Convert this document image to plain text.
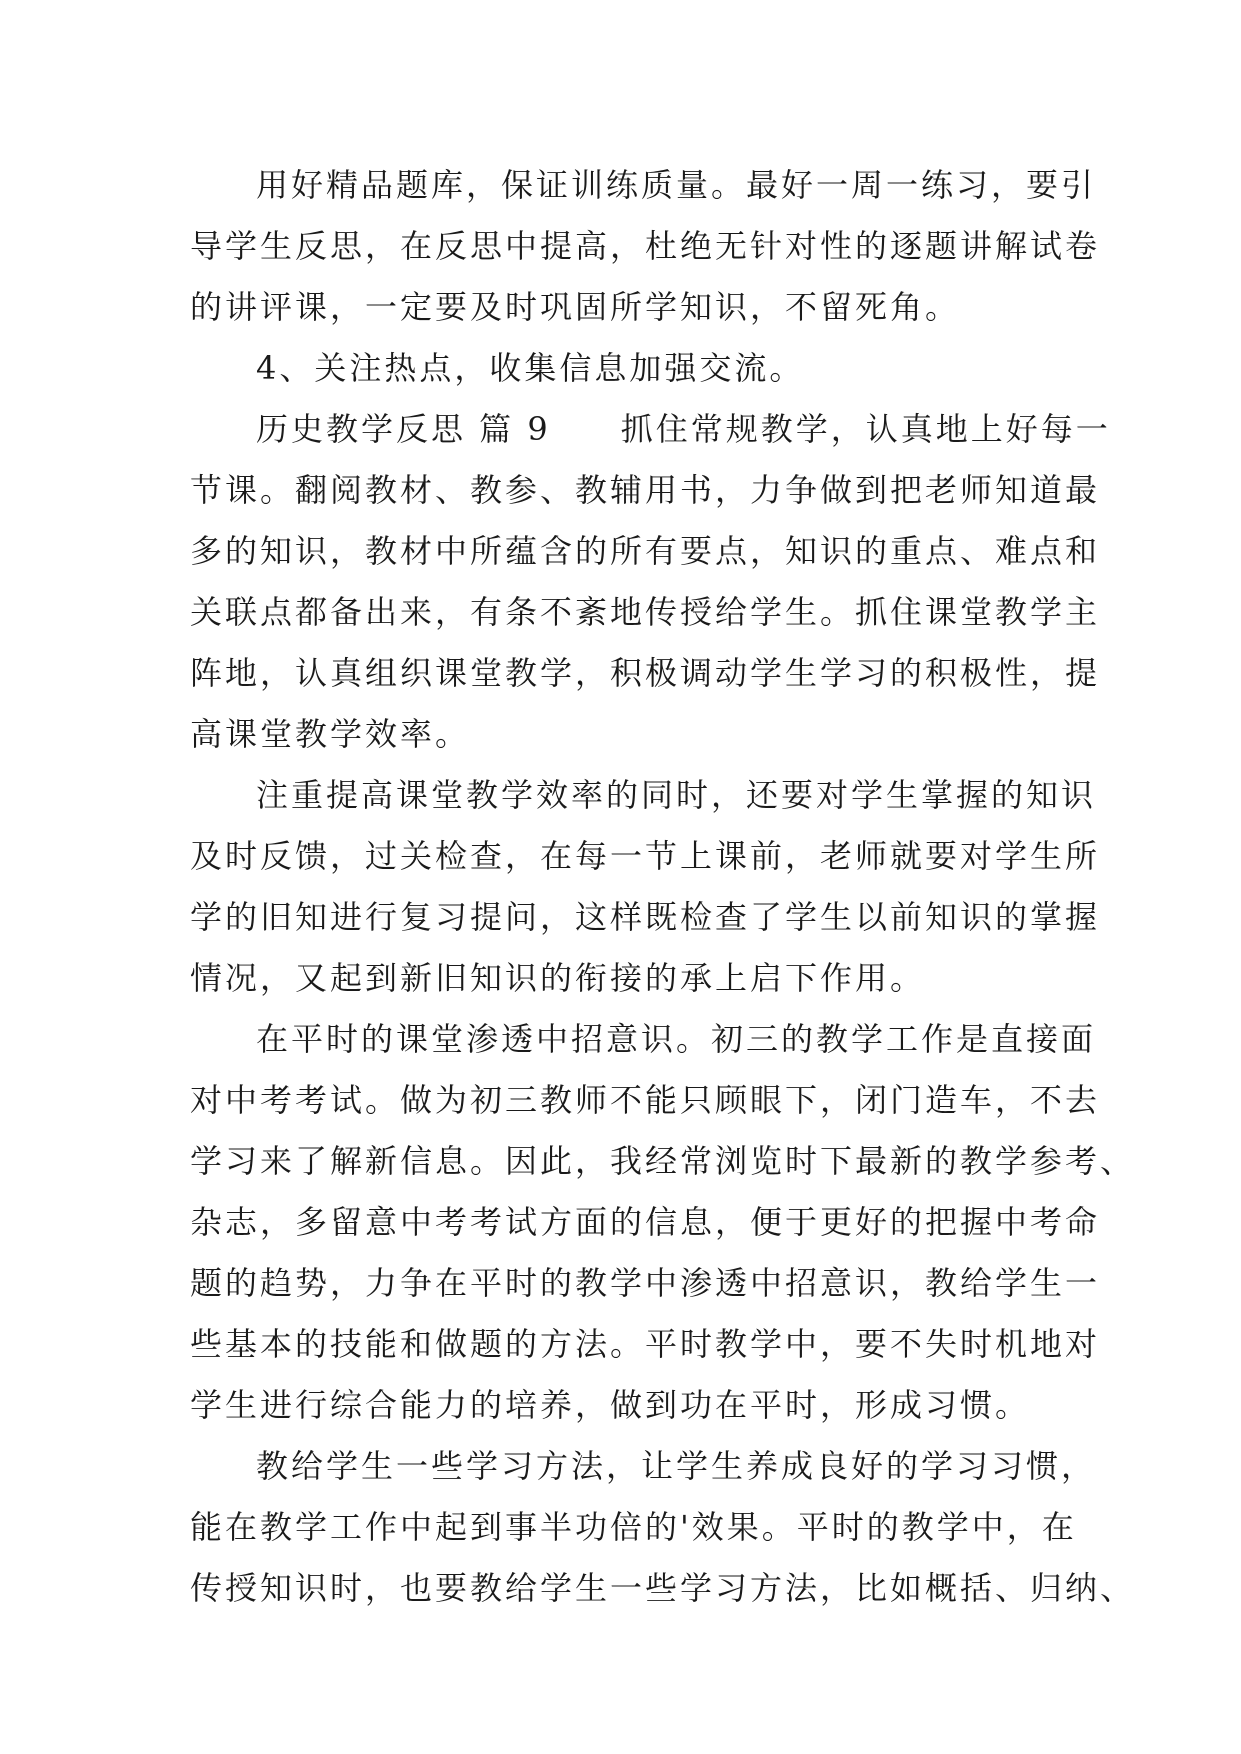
用好精品题库，保证训练质量。最好一周一练习，要引
导学生反思，在反思中提高，杜绝无针对性的逐题讲解试卷
的讲评课，一定要及时巩固所学知识，不留死角。
4、关注热点，收集信息加强交流。
历史教学反思 篇 9　　抓住常规教学，认真地上好每一
节课。翻阅教材、教参、教辅用书，力争做到把老师知道最
多的知识，教材中所蕴含的所有要点，知识的重点、难点和
关联点都备出来，有条不紊地传授给学生。抓住课堂教学主
阵地，认真组织课堂教学，积极调动学生学习的积极性，提
高课堂教学效率。
注重提高课堂教学效率的同时，还要对学生掌握的知识
及时反馈，过关检查，在每一节上课前，老师就要对学生所
学的旧知进行复习提问，这样既检查了学生以前知识的掌握
情况，又起到新旧知识的衔接的承上启下作用。
在平时的课堂渗透中招意识。初三的教学工作是直接面
对中考考试。做为初三教师不能只顾眼下，闭门造车，不去
学习来了解新信息。因此，我经常浏览时下最新的教学参考、
杂志，多留意中考考试方面的信息，便于更好的把握中考命
题的趋势，力争在平时的教学中渗透中招意识，教给学生一
些基本的技能和做题的方法。平时教学中，要不失时机地对
学生进行综合能力的培养，做到功在平时，形成习惯。
教给学生一些学习方法，让学生养成良好的学习习惯，
能在教学工作中起到事半功倍的'效果。平时的教学中，在
传授知识时，也要教给学生一些学习方法，比如概括、归纳、
